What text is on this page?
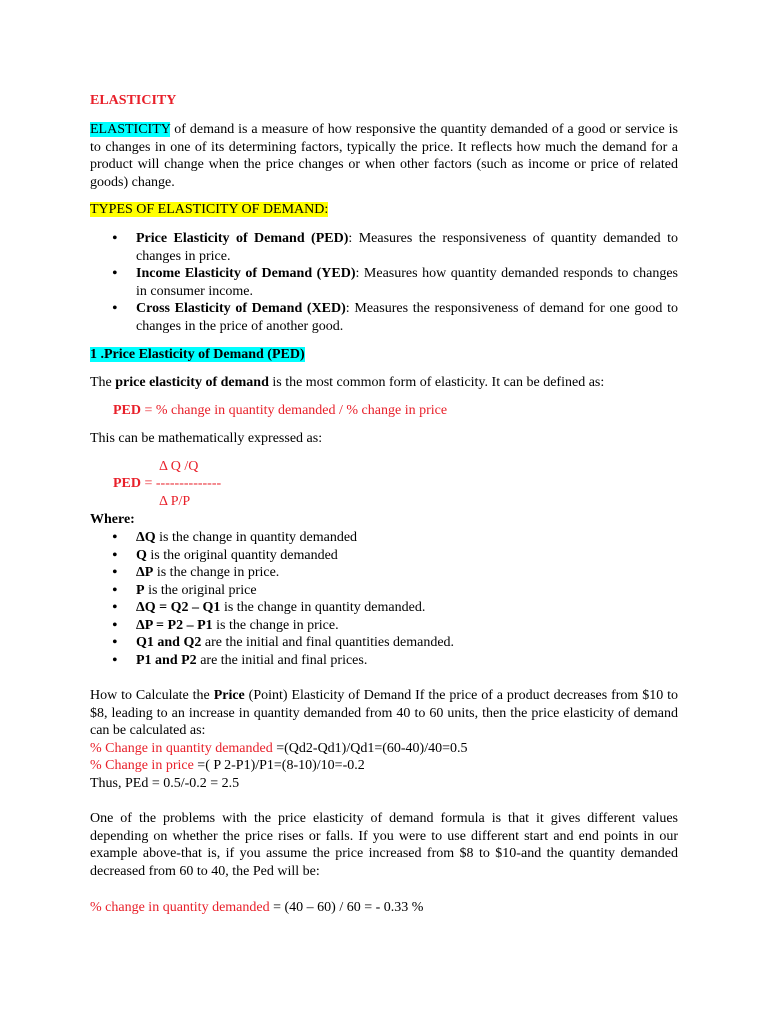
ELASTICITY
ELASTICITY of demand is a measure of how responsive the quantity demanded of a good or service is to changes in one of its determining factors, typically the price. It reflects how much the demand for a product will change when the price changes or when other factors (such as income or price of related goods) change.
TYPES OF ELASTICITY OF DEMAND:
• Price Elasticity of Demand (PED): Measures the responsiveness of quantity demanded to changes in price.
• Income Elasticity of Demand (YED): Measures how quantity demanded responds to changes in consumer income.
• Cross Elasticity of Demand (XED): Measures the responsiveness of demand for one good to changes in the price of another good.
1 .Price Elasticity of Demand (PED)
The price elasticity of demand is the most common form of elasticity. It can be defined as:
PED = % change in quantity demanded / % change in price
This can be mathematically expressed as:
Δ Q /Q
PED = --------------
Δ P/P
Where:
• ΔQ is the change in quantity demanded
• Q is the original quantity demanded
• ΔP is the change in price.
• P is the original price
• ΔQ = Q2 – Q1 is the change in quantity demanded.
• ΔP = P2 – P1 is the change in price.
• Q1 and Q2 are the initial and final quantities demanded.
• P1 and P2 are the initial and final prices.
How to Calculate the Price (Point) Elasticity of Demand If the price of a product decreases from $10 to $8, leading to an increase in quantity demanded from 40 to 60 units, then the price elasticity of demand can be calculated as:
% Change in quantity demanded =(Qd2-Qd1)/Qd1=(60-40)/40=0.5
% Change in price =( P 2-P1)/P1=(8-10)/10=-0.2
Thus, PEd = 0.5/-0.2 = 2.5
One of the problems with the price elasticity of demand formula is that it gives different values depending on whether the price rises or falls. If you were to use different start and end points in our example above-that is, if you assume the price increased from $8 to $10-and the quantity demanded decreased from 60 to 40, the Ped will be:
% change in quantity demanded = (40 – 60) / 60 = - 0.33 %
